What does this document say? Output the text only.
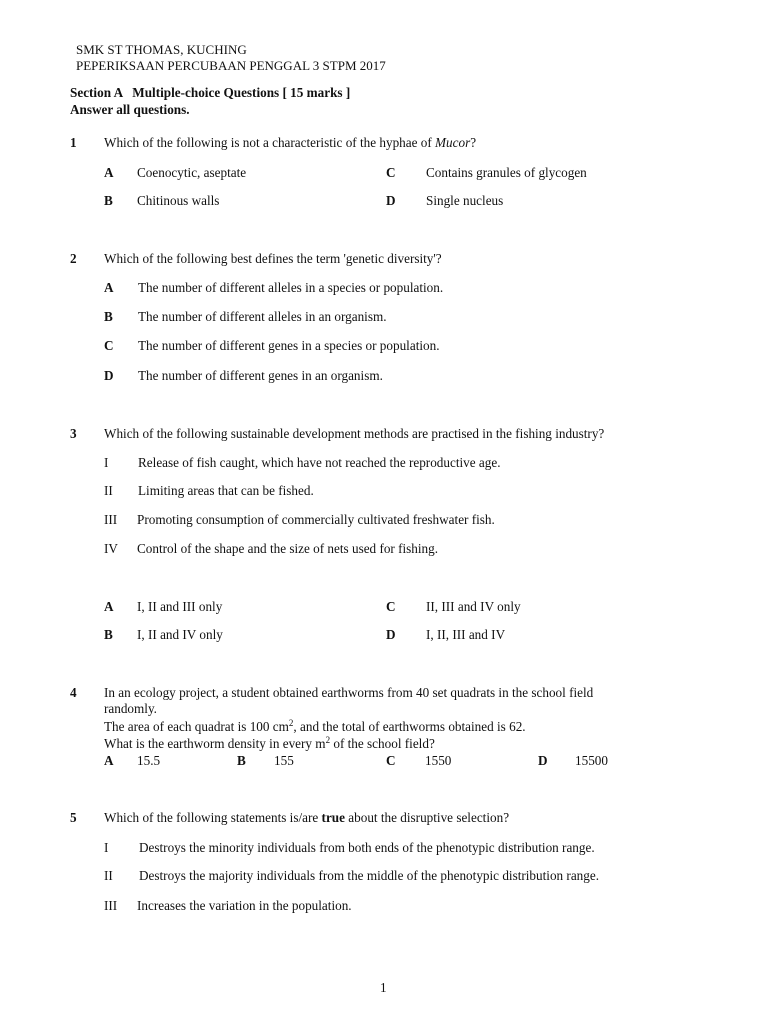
SMK ST THOMAS, KUCHING
PEPERIKSAAN PERCUBAAN PENGGAL 3 STPM 2017
Section A   Multiple-choice Questions [ 15 marks ]
Answer all questions.
1 Which of the following is not a characteristic of the hyphae of Mucor?
A Coenocytic, aseptate	C Contains granules of glycogen
B Chitinous walls	D Single nucleus
2 Which of the following best defines the term 'genetic diversity'?
A The number of different alleles in a species or population.
B The number of different alleles in an organism.
C The number of different genes in a species or population.
D The number of different genes in an organism.
3 Which of the following sustainable development methods are practised in the fishing industry?
I Release of fish caught, which have not reached the reproductive age.
II Limiting areas that can be fished.
III Promoting consumption of commercially cultivated freshwater fish.
IV Control of the shape and the size of nets used for fishing.
A I, II and III only	C II, III and IV only
B I, II and IV only	D I, II, III and IV
4 In an ecology project, a student obtained earthworms from 40 set quadrats in the school field
randomly.
The area of each quadrat is 100 $cm^2$, and the total of earthworms obtained is 62.
What is the earthworm density in every $m^2$ of the school field?
A 15.5	B 155	C 1550	D 15500
5 Which of the following statements is/are true about the disruptive selection?
I Destroys the minority individuals from both ends of the phenotypic distribution range.
II Destroys the majority individuals from the middle of the phenotypic distribution range.
III Increases the variation in the population.
1
